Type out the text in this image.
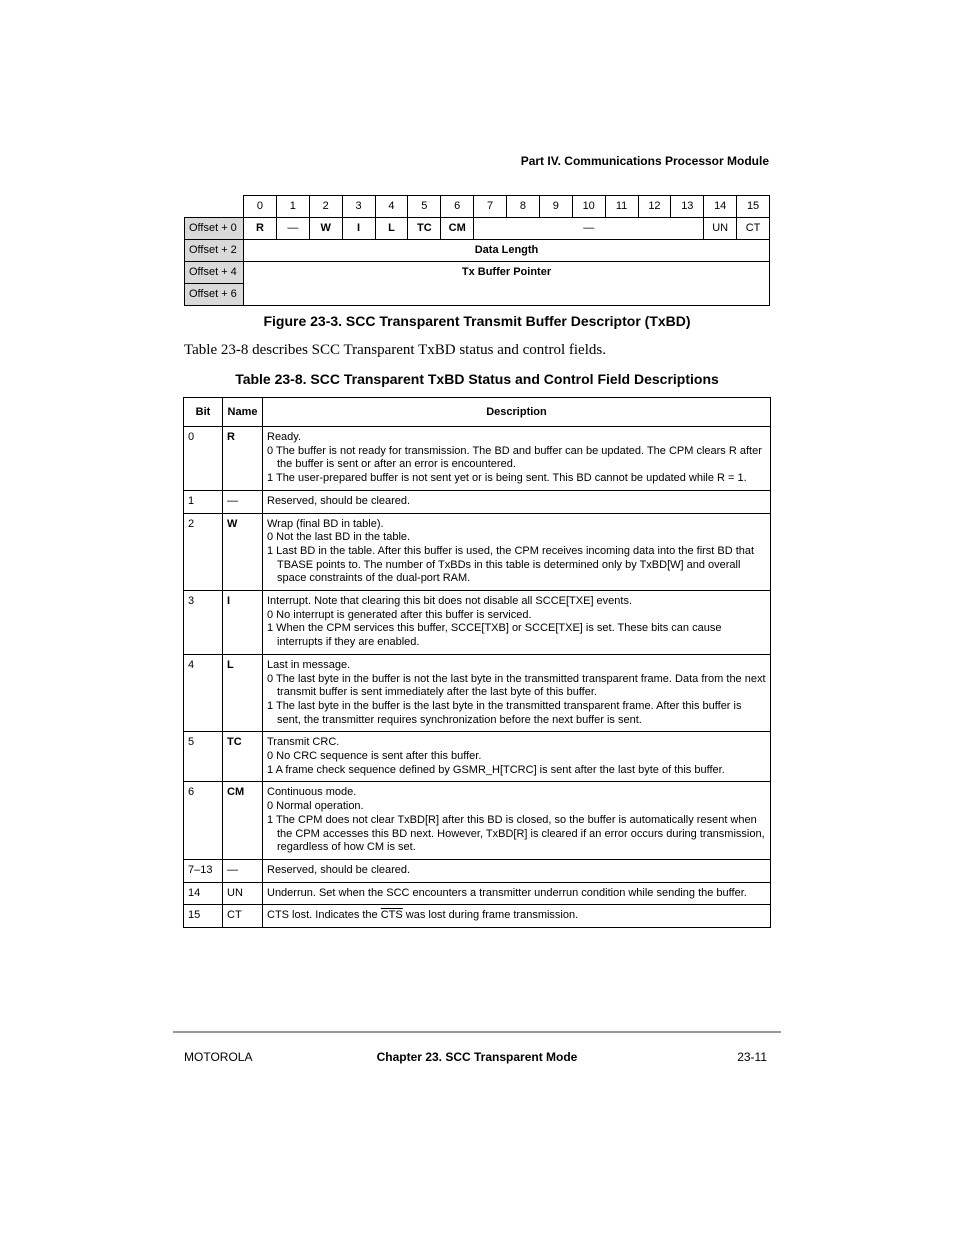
Part IV. Communications Processor Module
	0	1	2	3	4	5	6	7	8	9	10	11	12	13	14	15
Offset + 0	R	—	W	I	L	TC	CM	—							UN	CT
Offset + 2	Data Length															
Offset + 4	Tx Buffer Pointer															
Offset + 6																
Figure 23-3. SCC Transparent Transmit Buffer Descriptor (TxBD)
Table 23-8 describes SCC Transparent TxBD status and control fields.
Table 23-8. SCC Transparent TxBD Status and Control Field Descriptions
Bit	Name	Description
0	R	Ready.
0 The buffer is not ready for transmission. The BD and buffer can be updated. The CPM clears R after the buffer is sent or after an error is encountered.
1 The user-prepared buffer is not sent yet or is being sent. This BD cannot be updated while R = 1.

1	—	Reserved, should be cleared.

2	W	Wrap (final BD in table).
0 Not the last BD in the table.
1 Last BD in the table. After this buffer is used, the CPM receives incoming data into the first BD that TBASE points to. The number of TxBDs in this table is determined only by TxBD[W] and overall space constraints of the dual-port RAM.

3	I	Interrupt. Note that clearing this bit does not disable all SCCE[TXE] events.
0 No interrupt is generated after this buffer is serviced.
1 When the CPM services this buffer, SCCE[TXB] or SCCE[TXE] is set. These bits can cause interrupts if they are enabled.

4	L	Last in message.
0 The last byte in the buffer is not the last byte in the transmitted transparent frame. Data from the next transmit buffer is sent immediately after the last byte of this buffer.
1 The last byte in the buffer is the last byte in the transmitted transparent frame. After this buffer is sent, the transmitter requires synchronization before the next buffer is sent.

5	TC	Transmit CRC.
0 No CRC sequence is sent after this buffer.
1 A frame check sequence defined by GSMR_H[TCRC] is sent after the last byte of this buffer.

6	CM	Continuous mode.
0 Normal operation.
1 The CPM does not clear TxBD[R] after this BD is closed, so the buffer is automatically resent when the CPM accesses this BD next. However, TxBD[R] is cleared if an error occurs during transmission, regardless of how CM is set.

7–13	—	Reserved, should be cleared.

14	UN	Underrun. Set when the SCC encounters a transmitter underrun condition while sending the buffer.

15	CT	CTS lost. Indicates the $\overline{CTS}$ was lost during frame transmission.
MOTOROLA	Chapter 23. SCC Transparent Mode	23-11
